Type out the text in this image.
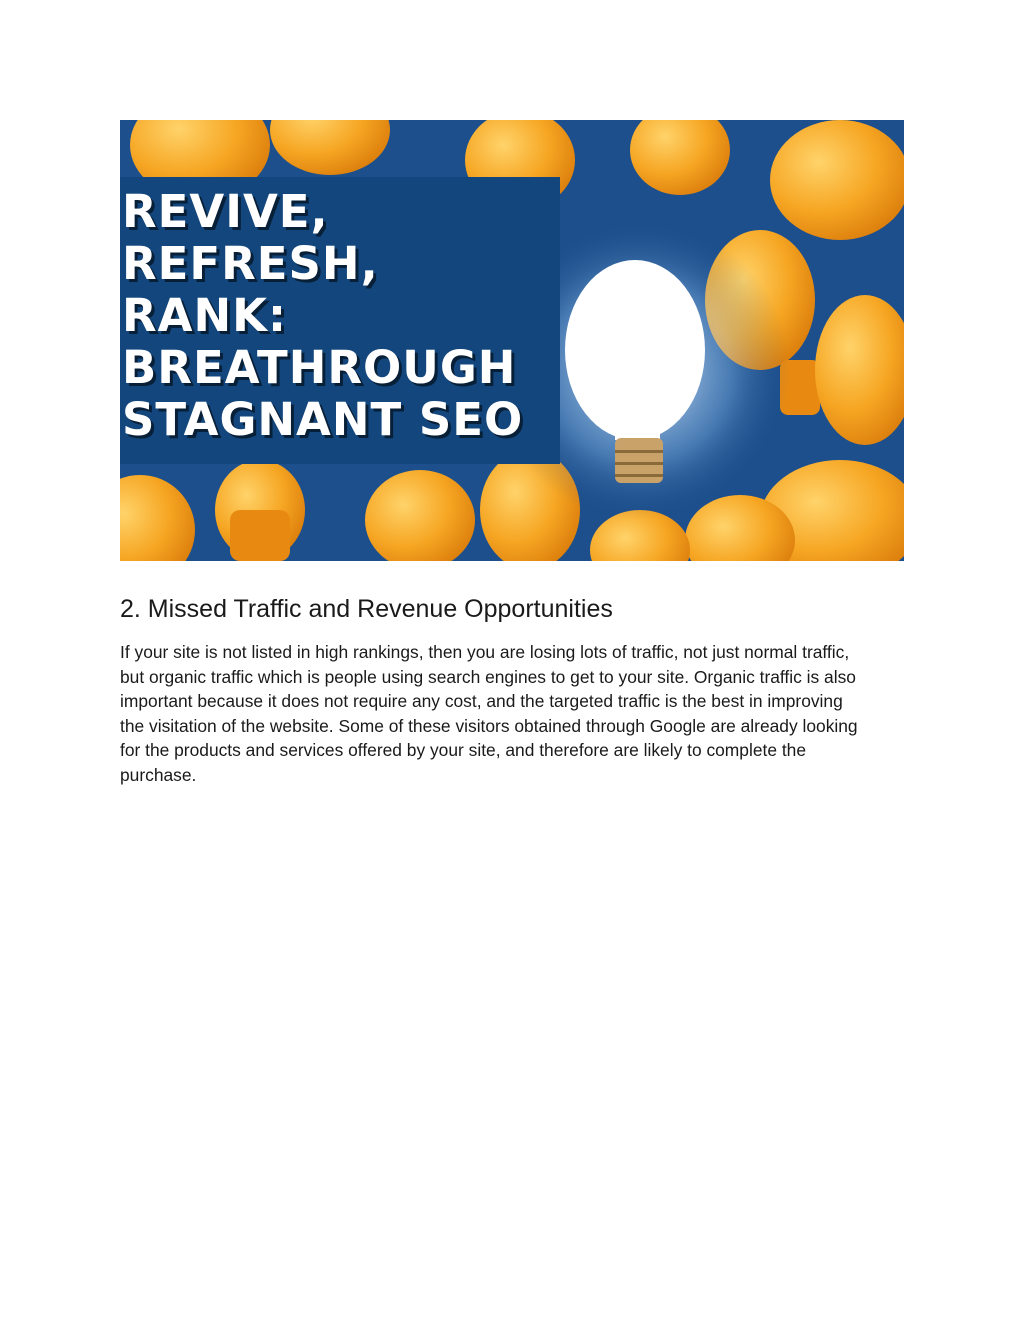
REVIVE,
REFRESH,
RANK:
BREATHROUGH
STAGNANT SEO
2. Missed Traffic and Revenue Opportunities

If your site is not listed in high rankings, then you are losing lots of traffic, not just normal traffic,
but organic traffic which is people using search engines to get to your site. Organic traffic is also
important because it does not require any cost, and the targeted traffic is the best in improving
the visitation of the website. Some of these visitors obtained through Google are already looking
for the products and services offered by your site, and therefore are likely to complete the
purchase.
